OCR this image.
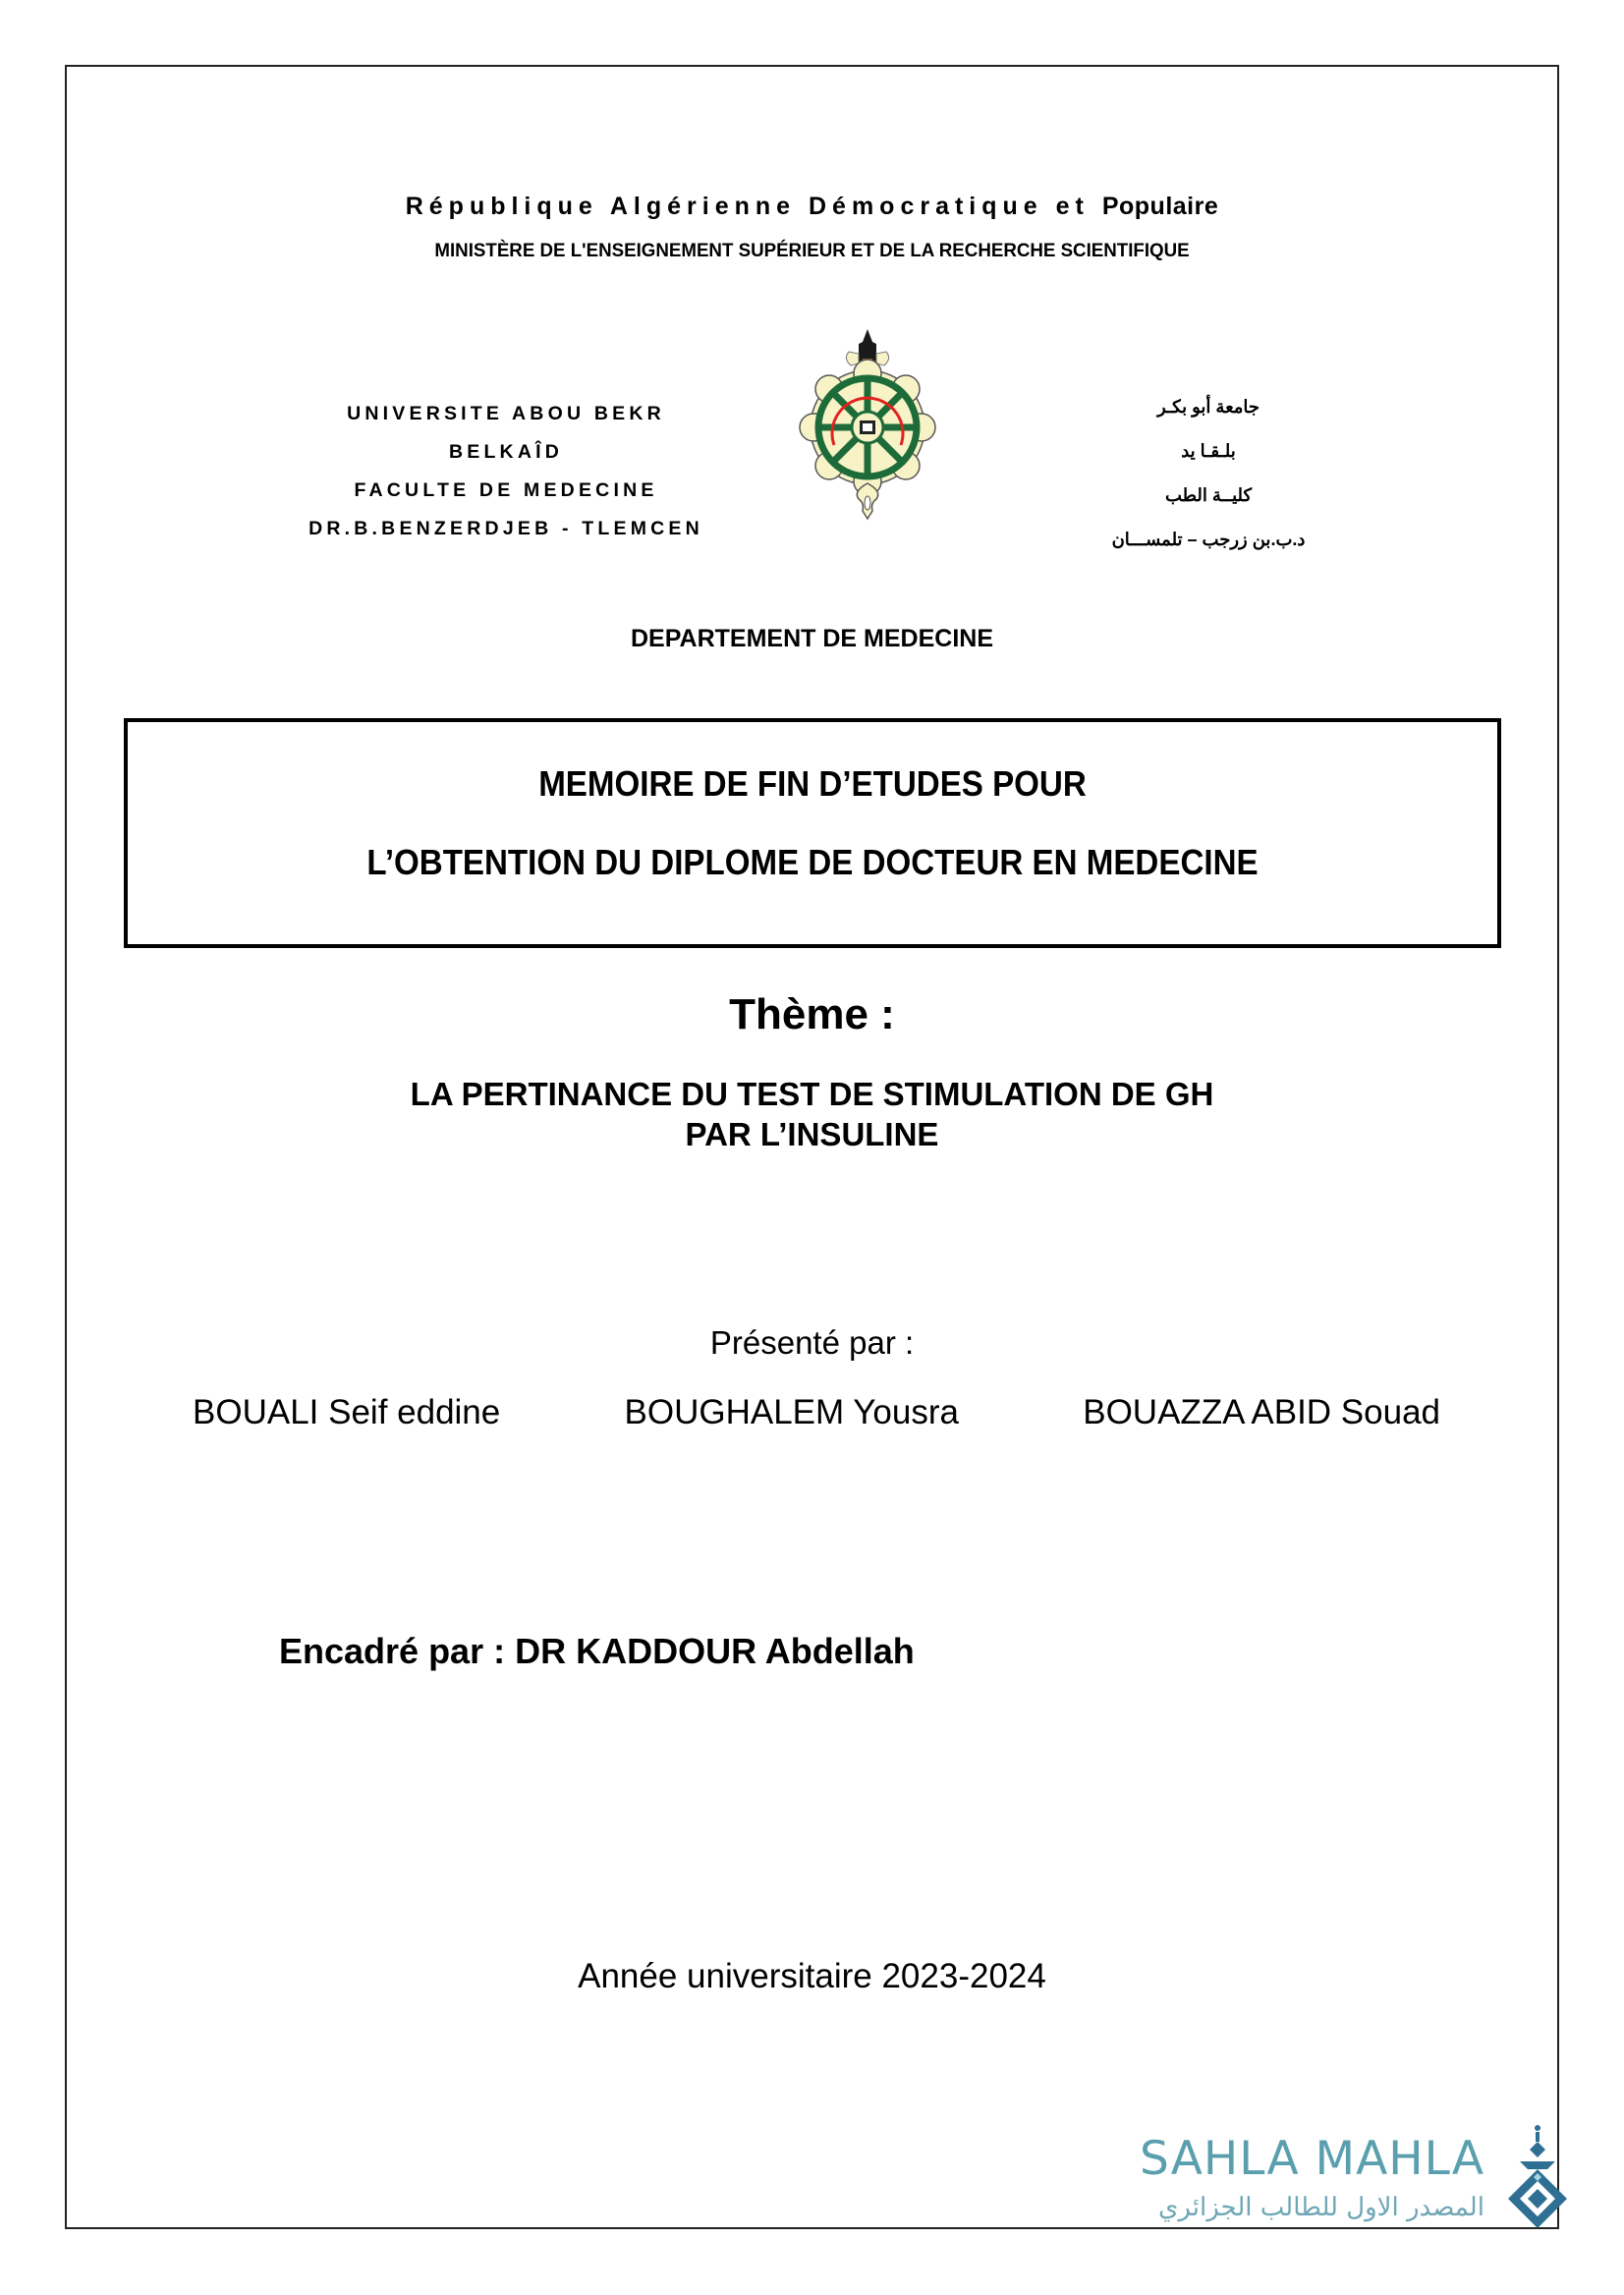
République Algérienne Démocratique et Populaire
MINISTÈRE DE L'ENSEIGNEMENT SUPÉRIEUR ET DE LA RECHERCHE SCIENTIFIQUE
UNIVERSITE ABOU BEKR
BELKAÎD
FACULTE DE MEDECINE
DR.B.BENZERDJEB - TLEMCEN
جامعة أبو بكـر
بلـقـا يد
كليــة الطب
د.ب.بن زرجب – تلمســـان
DEPARTEMENT DE MEDECINE
MEMOIRE DE FIN D’ETUDES POUR
L’OBTENTION DU DIPLOME DE DOCTEUR EN MEDECINE
Thème :
LA PERTINANCE DU TEST DE STIMULATION DE GH
PAR L’INSULINE
Présenté par :
BOUALI Seif eddine	BOUGHALEM Yousra	BOUAZZA ABID Souad
Encadré par : DR KADDOUR Abdellah
Année universitaire 2023-2024
SAHLA MAHLA
المصدر الاول للطالب الجزائري
